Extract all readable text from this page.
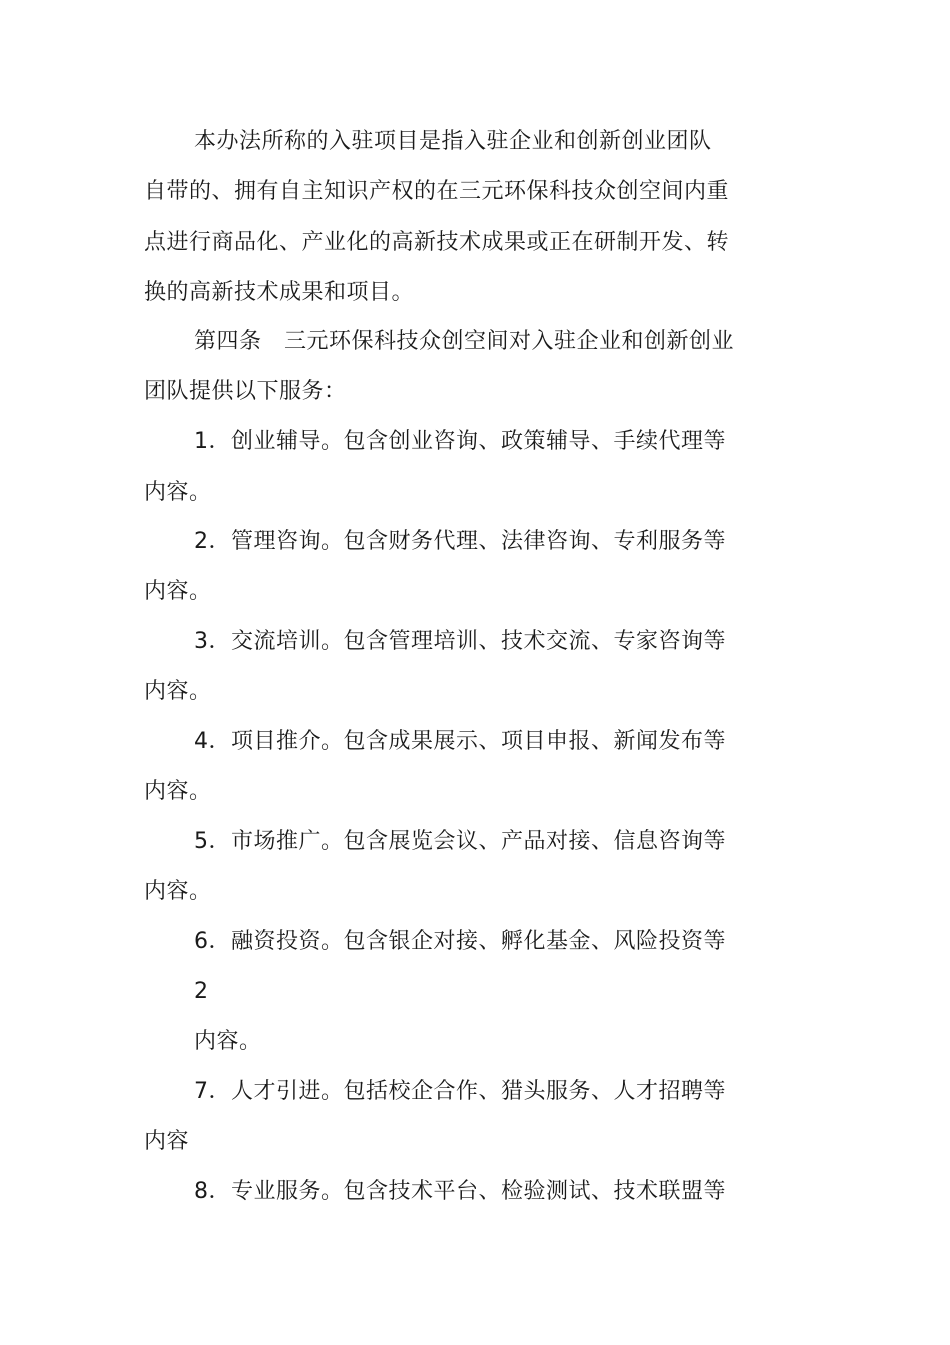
本办法所称的入驻项目是指入驻企业和创新创业团队
自带的、拥有自主知识产权的在三元环保科技众创空间内重
点进行商品化、产业化的高新技术成果或正在研制开发、转
换的高新技术成果和项目。
第四条　三元环保科技众创空间对入驻企业和创新创业
团队提供以下服务：
1．创业辅导。包含创业咨询、政策辅导、手续代理等
内容。
2．管理咨询。包含财务代理、法律咨询、专利服务等
内容。
3．交流培训。包含管理培训、技术交流、专家咨询等
内容。
4．项目推介。包含成果展示、项目申报、新闻发布等
内容。
5．市场推广。包含展览会议、产品对接、信息咨询等
内容。
6．融资投资。包含银企对接、孵化基金、风险投资等
2
内容。
7．人才引进。包括校企合作、猎头服务、人才招聘等
内容
8．专业服务。包含技术平台、检验测试、技术联盟等
